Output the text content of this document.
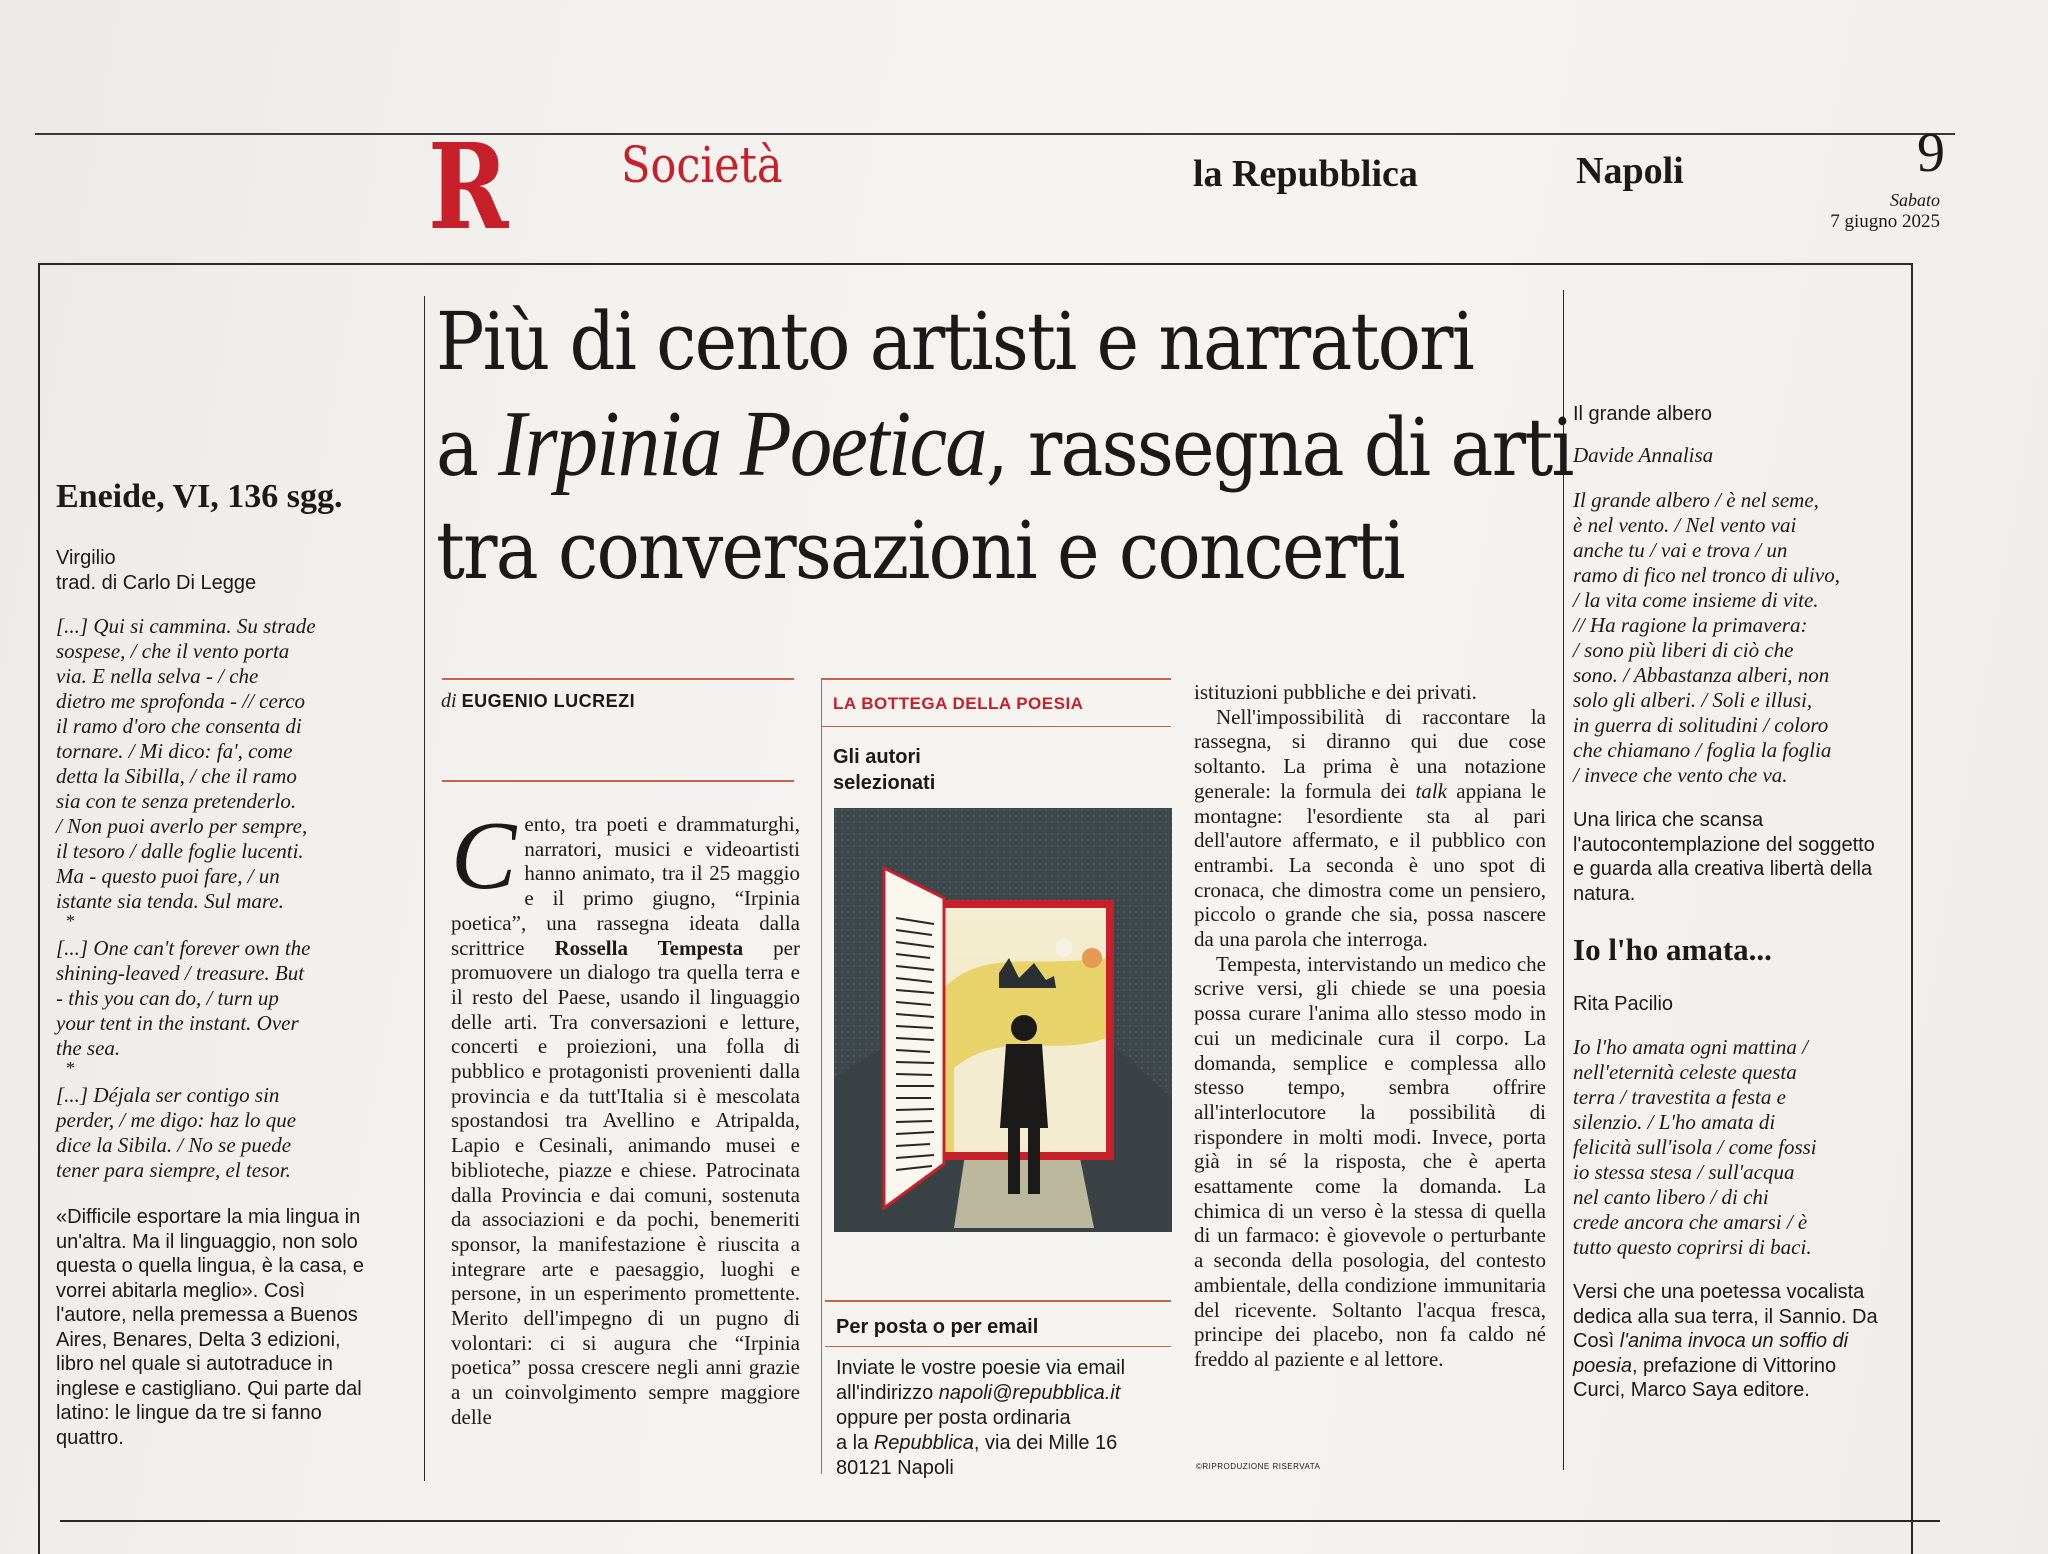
R Società	la Repubblica	Napoli	9
Sabato
7 giugno 2025
Più di cento artisti e narratori
a Irpinia Poetica, rassegna di arti
tra conversazioni e concerti
Eneide, VI, 136 sgg.

Virgilio

trad. di Carlo Di Legge

[...] Qui si cammina. Su strade

sospese, / che il vento porta

via. E nella selva - / che

dietro me sprofonda - // cerco

il ramo d'oro che consenta di

tornare. / Mi dico: fa', come

detta la Sibilla, / che il ramo

sia con te senza pretenderlo.

/ Non puoi averlo per sempre,

il tesoro / dalle foglie lucenti.

Ma - questo puoi fare, / un

istante sia tenda. Sul mare.

*

[...] One can't forever own the

shining-leaved / treasure. But

- this you can do, / turn up

your tent in the instant. Over

the sea.

*

[...] Déjala ser contigo sin

perder, / me digo: haz lo que

dice la Sibila. / No se puede

tener para siempre, el tesor.

«Difficile esportare la mia lingua in

un'altra. Ma il linguaggio, non solo

questa o quella lingua, è la casa, e

vorrei abitarla meglio». Così

l'autore, nella premessa a Buenos

Aires, Benares, Delta 3 edizioni,

libro nel quale si autotraduce in

inglese e castigliano. Qui parte dal

latino: le lingue da tre si fanno

quattro.

di EUGENIO LUCREZI

Cento, tra poeti e drammaturghi, narratori, musici e videoartisti hanno animato, tra il 25 maggio e il primo giugno, “Irpinia poetica”, una rassegna ideata dalla scrittrice Rossella Tempesta per promuovere un dialogo tra quella terra e il resto del Paese, usando il linguaggio delle arti. Tra conversazioni e letture, concerti e proiezioni, una folla di pubblico e protagonisti provenienti dalla provincia e da tutt'Italia si è mescolata spostandosi tra Avellino e Atripalda, Lapio e Cesinali, animando musei e biblioteche, piazze e chiese. Patrocinata dalla Provincia e dai comuni, sostenuta da associazioni e da pochi, benemeriti sponsor, la manifestazione è riuscita a integrare arte e paesaggio, luoghi e persone, in un esperimento promettente. Merito dell'impegno di un pugno di volontari: ci si augura che “Irpinia poetica” possa crescere negli anni grazie a un coinvolgimento sempre maggiore delle

LA BOTTEGA DELLA POESIA
Gli autori
selezionati
Per posta o per email
Inviate le vostre poesie via email
all'indirizzo napoli@repubblica.it
oppure per posta ordinaria
a la Repubblica, via dei Mille 16
80121 Napoli

istituzioni pubbliche e dei privati.

Nell'impossibilità di raccontare la rassegna, si diranno qui due cose soltanto. La prima è una notazione generale: la formula dei talk appiana le montagne: l'esordiente sta al pari dell'autore affermato, e il pubblico con entrambi. La seconda è uno spot di cronaca, che dimostra come un pensiero, piccolo o grande che sia, possa nascere da una parola che interroga.

Tempesta, intervistando un medico che scrive versi, gli chiede se una poesia possa curare l'anima allo stesso modo in cui un medicinale cura il corpo. La domanda, semplice e complessa allo stesso tempo, sembra offrire all'interlocutore la possibilità di rispondere in molti modi. Invece, porta già in sé la risposta, che è aperta esattamente come la domanda. La chimica di un verso è la stessa di quella di un farmaco: è giovevole o perturbante a seconda della posologia, del contesto ambientale, della condizione immunitaria del ricevente. Soltanto l'acqua fresca, principe dei placebo, non fa caldo né freddo al paziente e al lettore.

©RIPRODUZIONE RISERVATA

Il grande albero

Davide Annalisa

Il grande albero / è nel seme,

è nel vento. / Nel vento vai

anche tu / vai e trova / un

ramo di fico nel tronco di ulivo,

/ la vita come insieme di vite.

// Ha ragione la primavera:

/ sono più liberi di ciò che

sono. / Abbastanza alberi, non

solo gli alberi. / Soli e illusi,

in guerra di solitudini / coloro

che chiamano / foglia la foglia

/ invece che vento che va.

Una lirica che scansa

l'autocontemplazione del soggetto

e guarda alla creativa libertà della

natura.

Io l'ho amata...

Rita Pacilio

Io l'ho amata ogni mattina /

nell'eternità celeste questa

terra / travestita a festa e

silenzio. / L'ho amata di

felicità sull'isola / come fossi

io stessa stesa / sull'acqua

nel canto libero / di chi

crede ancora che amarsi / è

tutto questo coprirsi di baci.

Versi che una poetessa vocalista

dedica alla sua terra, il Sannio. Da

Così l'anima invoca un soffio di

poesia, prefazione di Vittorino

Curci, Marco Saya editore.
